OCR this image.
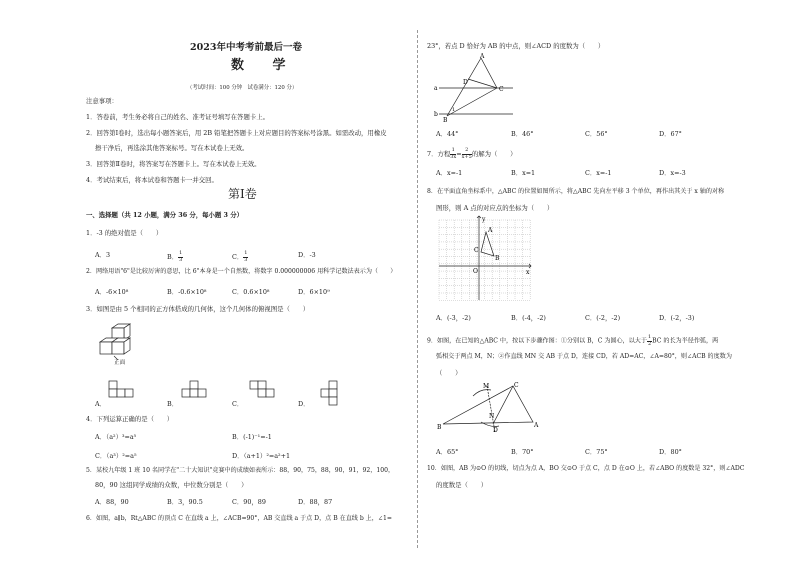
2023年中考考前最后一卷
数 学
（考试时间：100 分钟　试卷满分：120 分）
注意事项：
1．答卷前，考生务必将自己的姓名、准考证号填写在答题卡上。
2．回答第Ⅰ卷时，选出每小题答案后，用 2B 铅笔把答题卡上对应题目的答案标号涂黑。如需改动，用橡皮
擦干净后，再选涂其他答案标号。写在本试卷上无效。
3．回答第Ⅱ卷时，将答案写在答题卡上。写在本试卷上无效。
4．考试结束后，将本试卷和答题卡一并交回。
第Ⅰ卷
一、选择题（共 12 小题，满分 36 分，每小题 3 分）
1．-3 的绝对值是（　　）
A．3	B． $\frac{1}{3}$	C． $\frac{1}{3}$	D．-3
2．网络用语"6"是比较厉害的意思，比 6"本身是一个自然数，将数字 0.000000006 用科学记数法表示为（　　）
A．-6×10⁸	B．-0.6×10⁸	C．0.6×10⁸	D．6×10⁹
3．如图是由 5 个相同的正方体搭成的几何体，这个几何体的俯视图是（　　）
正面
A．	B．	C．	D．
4．下列运算正确的是（　　）
A．（a²）³=a⁵	B．(-1)⁻¹=-1
C．（a³）²=a⁵	D．（a+1）²=a²+1
5．某校九年级 1 班 10 名同学在"二十大知识"竞赛中的成绩如表所示：88，90，75，88，90，91，92，100，
80，90 这组同学成绩的众数，中位数分别是（　　）
A．88，90	B．3，90.5	C．90，89	D．88，87
6．如图，a∥b，Rt△ABC 的顶点 C 在直线 a 上，∠ACB=90°，AB 交直线 a 于点 D，点 B 在直线 b 上，∠1=
23°，若点 D 恰好为 AB 的中点，则∠ACD 的度数为（　　）
A
D
C
B
a
b
1
A．44°	B．46°	C．56°	D．67°
7．方程 $\frac{1}{3x} = \frac{2}{x+5}$ 的解为（　　）
A．x=-1	B．x=1	C．x=-1	D．x=-3
8．在平面直角坐标系中，△ABC 的位置如图所示，将△ABC 先向左平移 3 个单位，再作出其关于 x 轴的对称
图形，则 A 点的对应点的坐标为（　　）
y
x
O
A
B
C
A．(-3，-2)	B．(-4，-2)	C．(-2，-2)	D．(-2，-3)
9．如图，在已知的△ABC 中，按以下步骤作图：①分别以 B，C 为圆心，以大于 $\frac{1}{2}$ BC 的长为半径作弧，两
弧相交于两点 M，N；②作直线 MN 交 AB 于点 D，连接 CD，若 AD=AC，∠A=80°，则∠ACB 的度数为
（　　）
M	C
N
D
B	A
A．65°	B．70°	C．75°	D．80°
10．如图，AB 为⊙O 的切线，切点为点 A，BO 交⊙O 于点 C，点 D 在⊙O 上，若∠ABO 的度数是 32°，则∠ADC
的度数是（　　）
